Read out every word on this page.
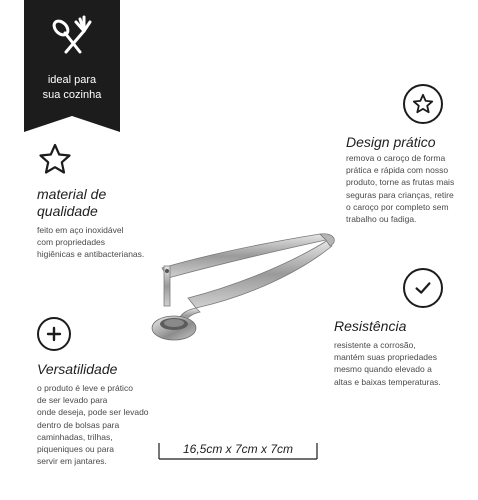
ideal para
sua cozinha
Design prático
remova o caroço de forma
prática e rápida com nosso
produto, torne as frutas mais
seguras para crianças, retire
o caroço por completo sem
trabalho ou fadiga.
material de
qualidade
feito em aço inoxidável
com propriedades
higiênicas e antibacterianas.
Resistência
resistente a corrosão,
mantém suas propriedades
mesmo quando elevado a
altas e baixas temperaturas.
Versatilidade
o produto é leve e prático
de ser levado para
onde deseja, pode ser levado
dentro de bolsas para
caminhadas, trilhas,
piqueniques ou para
servir em jantares.
16,5cm x 7cm x 7cm
